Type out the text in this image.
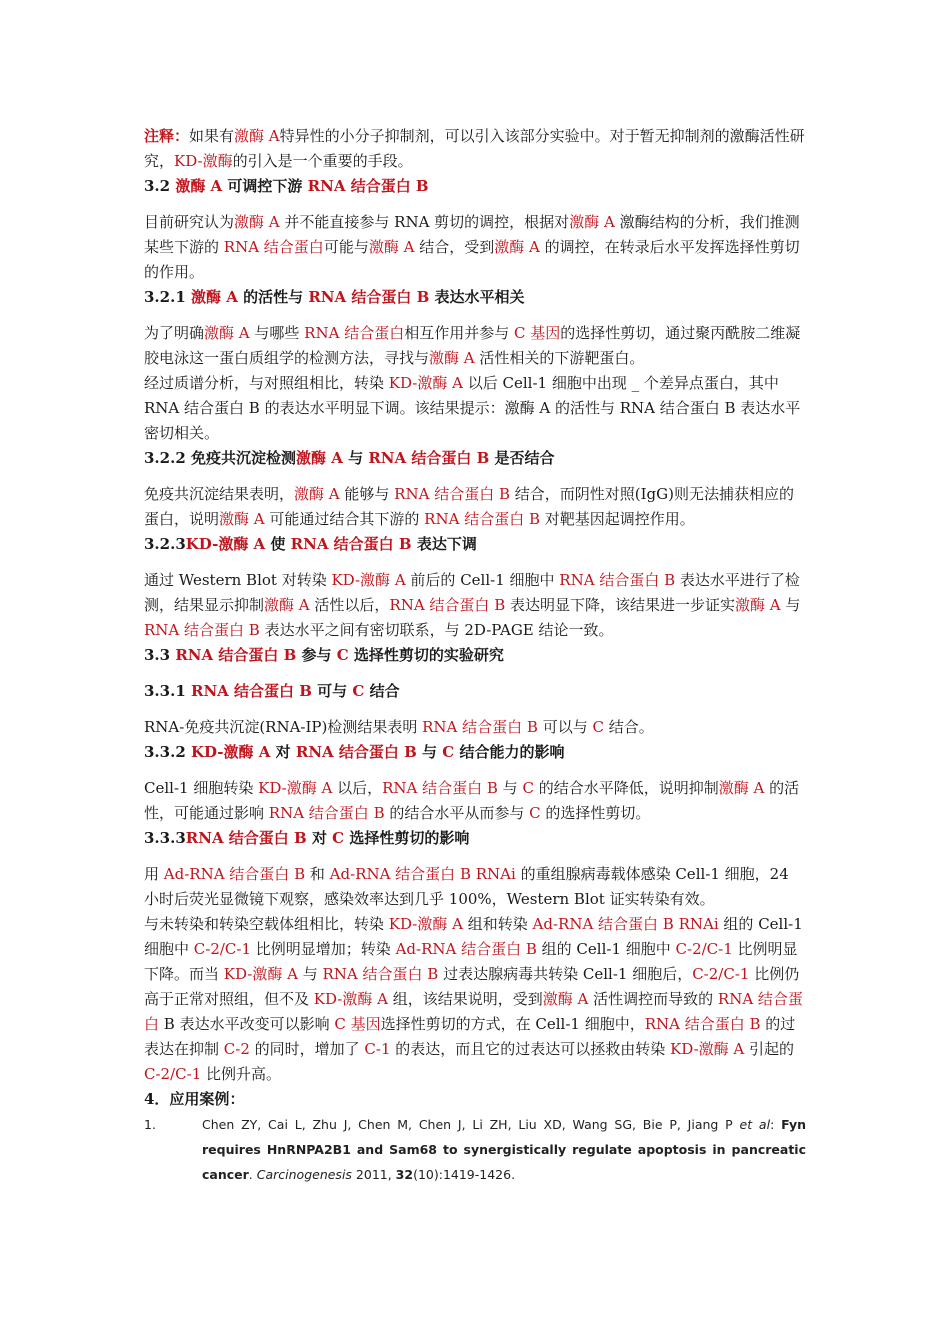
注释：如果有激酶 A特异性的小分子抑制剂，可以引入该部分实验中。对于暂无抑制剂的激酶活性研究，KD-激酶的引入是一个重要的手段。

3.2 激酶 A 可调控下游 RNA 结合蛋白 B

目前研究认为激酶 A 并不能直接参与 RNA 剪切的调控，根据对激酶 A 激酶结构的分析，我们推测某些下游的 RNA 结合蛋白可能与激酶 A 结合，受到激酶 A 的调控，在转录后水平发挥选择性剪切的作用。

3.2.1 激酶 A 的活性与 RNA 结合蛋白 B 表达水平相关

为了明确激酶 A 与哪些 RNA 结合蛋白相互作用并参与 C 基因的选择性剪切，通过聚丙酰胺二维凝胶电泳这一蛋白质组学的检测方法，寻找与激酶 A 活性相关的下游靶蛋白。

经过质谱分析，与对照组相比，转染 KD-激酶 A 以后 Cell-1 细胞中出现 _ 个差异点蛋白，其中 RNA 结合蛋白 B 的表达水平明显下调。该结果提示：激酶 A 的活性与 RNA 结合蛋白 B 表达水平密切相关。

3.2.2 免疫共沉淀检测激酶 A 与 RNA 结合蛋白 B 是否结合

免疫共沉淀结果表明，激酶 A 能够与 RNA 结合蛋白 B 结合，而阴性对照(IgG)则无法捕获相应的蛋白，说明激酶 A 可能通过结合其下游的 RNA 结合蛋白 B 对靶基因起调控作用。

3.2.3KD-激酶 A 使 RNA 结合蛋白 B 表达下调

通过 Western Blot 对转染 KD-激酶 A 前后的 Cell-1 细胞中 RNA 结合蛋白 B 表达水平进行了检测，结果显示抑制激酶 A 活性以后，RNA 结合蛋白 B 表达明显下降，该结果进一步证实激酶 A 与 RNA 结合蛋白 B 表达水平之间有密切联系，与 2D-PAGE 结论一致。

3.3 RNA 结合蛋白 B 参与 C 选择性剪切的实验研究

3.3.1 RNA 结合蛋白 B 可与 C 结合

RNA-免疫共沉淀(RNA-IP)检测结果表明 RNA 结合蛋白 B 可以与 C 结合。

3.3.2 KD-激酶 A 对 RNA 结合蛋白 B 与 C 结合能力的影响

Cell-1 细胞转染 KD-激酶 A 以后，RNA 结合蛋白 B 与 C 的结合水平降低，说明抑制激酶 A 的活性，可能通过影响 RNA 结合蛋白 B 的结合水平从而参与 C 的选择性剪切。

3.3.3RNA 结合蛋白 B 对 C 选择性剪切的影响

用 Ad-RNA 结合蛋白 B 和 Ad-RNA 结合蛋白 B RNAi 的重组腺病毒载体感染 Cell-1 细胞，24 小时后荧光显微镜下观察，感染效率达到几乎 100%，Western Blot 证实转染有效。

与未转染和转染空载体组相比，转染 KD-激酶 A 组和转染 Ad-RNA 结合蛋白 B RNAi 组的 Cell-1 细胞中 C-2/C-1 比例明显增加；转染 Ad-RNA 结合蛋白 B 组的 Cell-1 细胞中 C-2/C-1 比例明显下降。而当 KD-激酶 A 与 RNA 结合蛋白 B 过表达腺病毒共转染 Cell-1 细胞后，C-2/C-1 比例仍高于正常对照组，但不及 KD-激酶 A 组，该结果说明，受到激酶 A 活性调控而导致的 RNA 结合蛋白 B 表达水平改变可以影响 C 基因选择性剪切的方式，在 Cell-1 细胞中，RNA 结合蛋白 B 的过表达在抑制 C-2 的同时，增加了 C-1 的表达，而且它的过表达可以拯救由转染 KD-激酶 A 引起的 C-2/C-1 比例升高。

4．应用案例：

1.	Chen ZY, Cai L, Zhu J, Chen M, Chen J, Li ZH, Liu XD, Wang SG, Bie P, Jiang P et al: Fyn requires HnRNPA2B1 and Sam68 to synergistically regulate apoptosis in pancreatic cancer. Carcinogenesis 2011, 32(10):1419-1426.
